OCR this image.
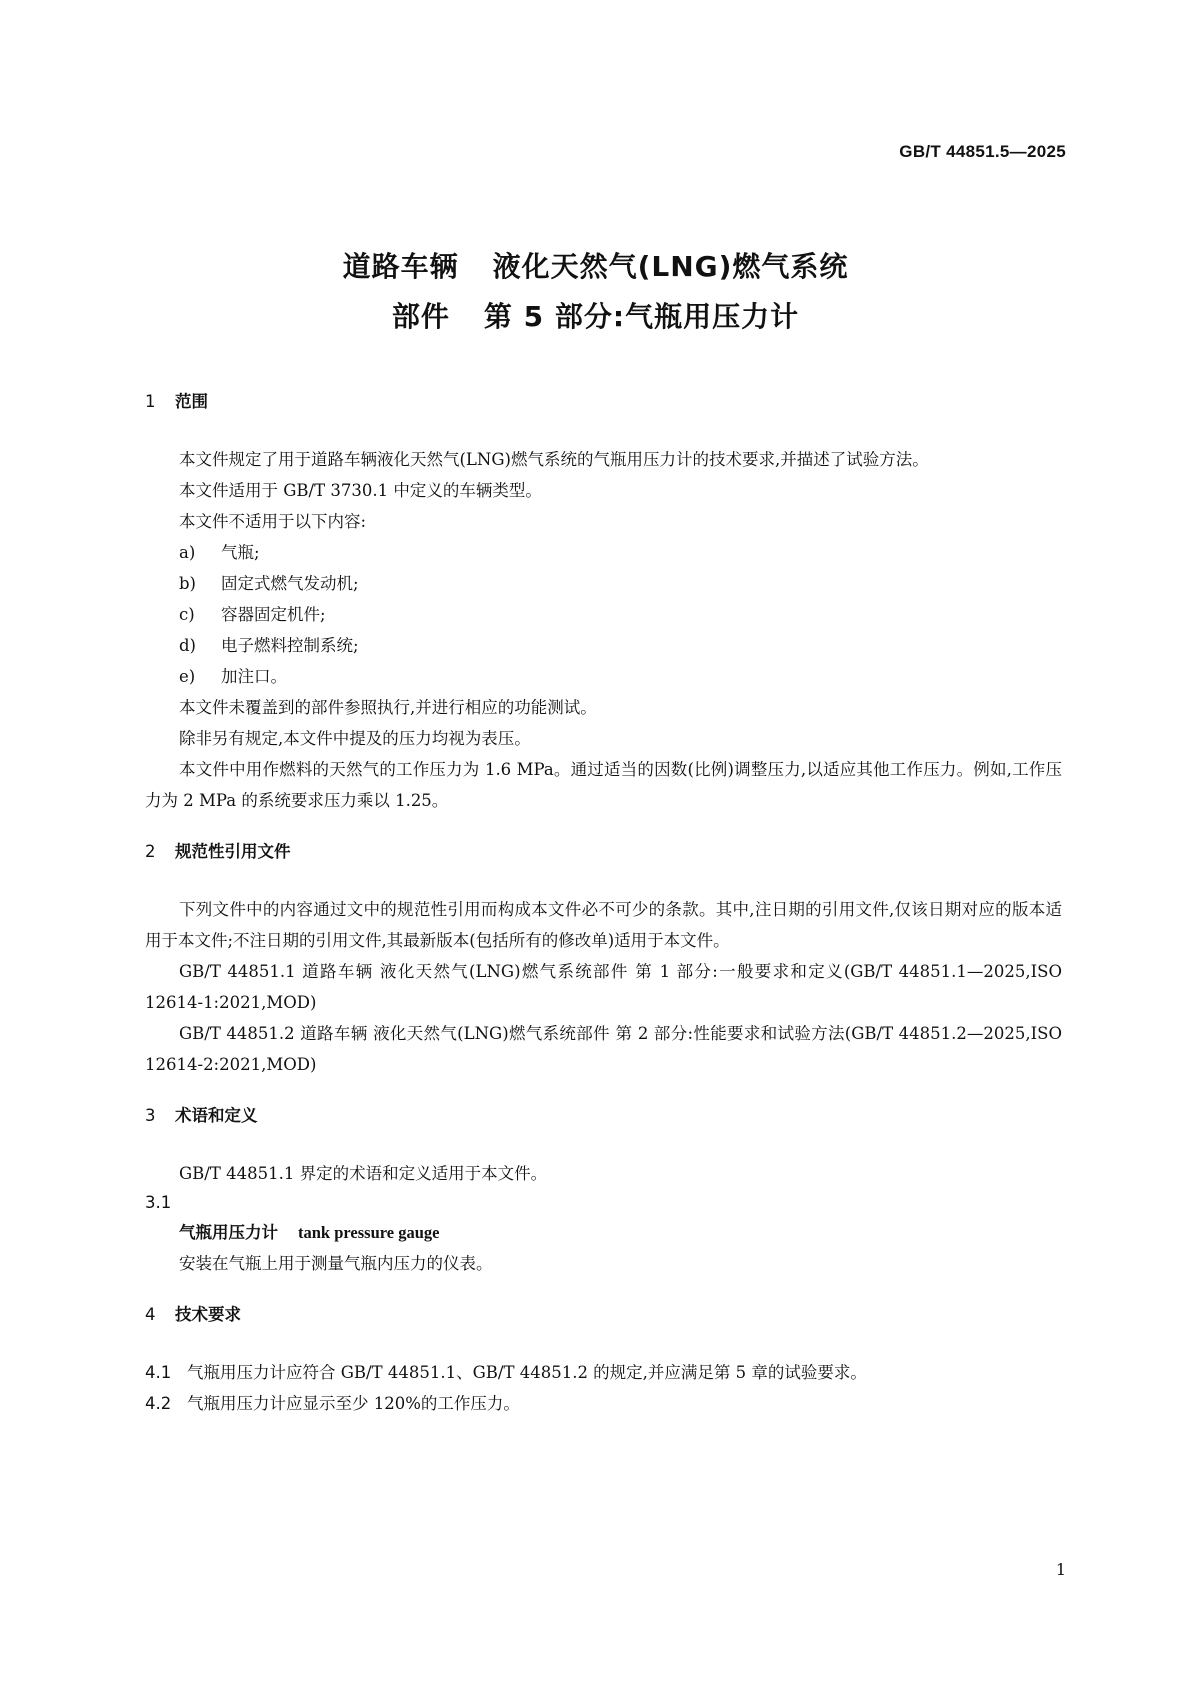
GB/T 44851.5—2025
道路车辆 液化天然气(LNG)燃气系统
部件 第 5 部分:气瓶用压力计
1 范围

本文件规定了用于道路车辆液化天然气(LNG)燃气系统的气瓶用压力计的技术要求,并描述了试验方法。

本文件适用于 GB/T 3730.1 中定义的车辆类型。

本文件不适用于以下内容:

a) 气瓶;

b) 固定式燃气发动机;

c) 容器固定机件;

d) 电子燃料控制系统;

e) 加注口。

本文件未覆盖到的部件参照执行,并进行相应的功能测试。

除非另有规定,本文件中提及的压力均视为表压。

本文件中用作燃料的天然气的工作压力为 1.6 MPa。通过适当的因数(比例)调整压力,以适应其他工作压力。例如,工作压力为 2 MPa 的系统要求压力乘以 1.25。

2 规范性引用文件

下列文件中的内容通过文中的规范性引用而构成本文件必不可少的条款。其中,注日期的引用文件,仅该日期对应的版本适用于本文件;不注日期的引用文件,其最新版本(包括所有的修改单)适用于本文件。

GB/T 44851.1 道路车辆 液化天然气(LNG)燃气系统部件 第 1 部分:一般要求和定义(GB/T 44851.1—2025,ISO 12614-1:2021,MOD)

GB/T 44851.2 道路车辆 液化天然气(LNG)燃气系统部件 第 2 部分:性能要求和试验方法(GB/T 44851.2—2025,ISO 12614-2:2021,MOD)

3 术语和定义

GB/T 44851.1 界定的术语和定义适用于本文件。

3.1

气瓶用压力计 tank pressure gauge

安装在气瓶上用于测量气瓶内压力的仪表。

4 技术要求

4.1 气瓶用压力计应符合 GB/T 44851.1、GB/T 44851.2 的规定,并应满足第 5 章的试验要求。

4.2 气瓶用压力计应显示至少 120%的工作压力。

1
